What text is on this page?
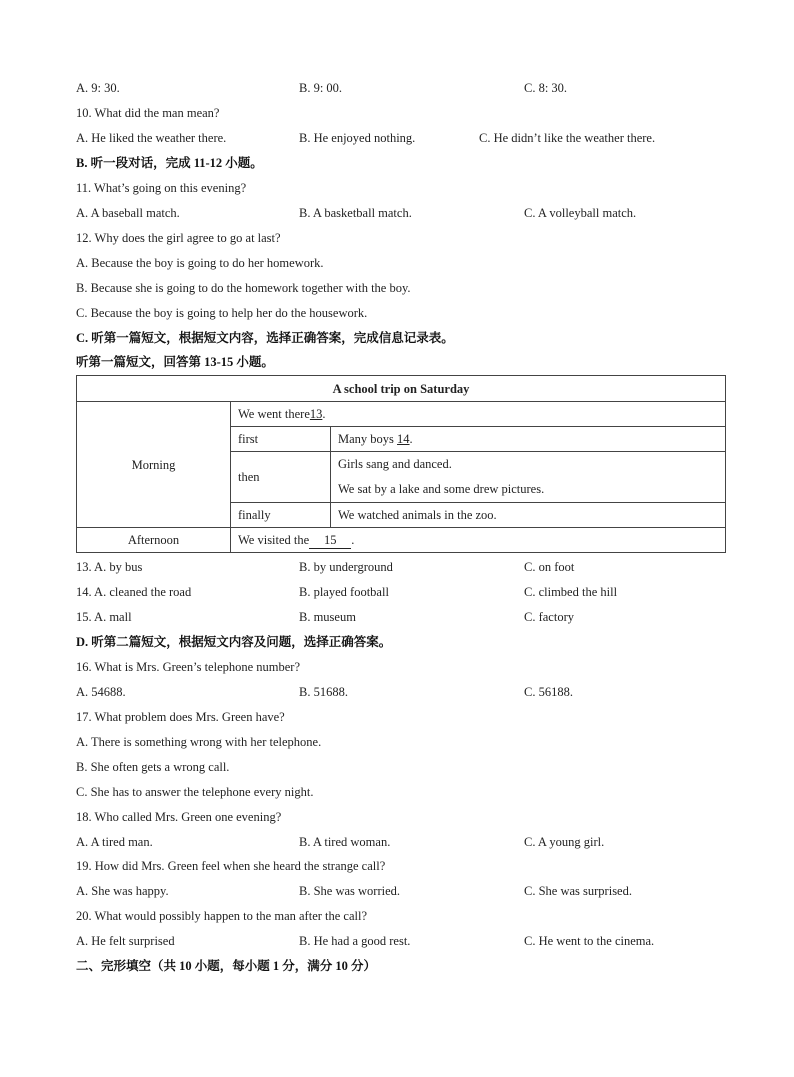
A. 9: 30.	B. 9: 00.	C. 8: 30.
10. What did the man mean?
A. He liked the weather there.	B. He enjoyed nothing.	C. He didn’t like the weather there.
B. 听一段对话，完成 11-12 小题。
11. What’s going on this evening?
A. A baseball match.	B. A basketball match.	C. A volleyball match.
12. Why does the girl agree to go at last?
A. Because the boy is going to do her homework.
B. Because she is going to do the homework together with the boy.
C. Because the boy is going to help her do the housework.
C. 听第一篇短文，根据短文内容，选择正确答案，完成信息记录表。
听第一篇短文，回答第 13-15 小题。
A school trip on Saturday		
Morning	We went there13.	
	first	Many boys 14.
	then	Girls sang and danced.
We sat by a lake and some drew pictures.

	finally	We watched animals in the zoo.
Afternoon	We visited the 15 .	
13. A. by bus	B. by underground	C. on foot
14. A. cleaned the road	B. played football	C. climbed the hill
15. A. mall	B. museum	C. factory
D. 听第二篇短文，根据短文内容及问题，选择正确答案。
16. What is Mrs. Green’s telephone number?
A. 54688.	B. 51688.	C. 56188.
17. What problem does Mrs. Green have?
A. There is something wrong with her telephone.
B. She often gets a wrong call.
C. She has to answer the telephone every night.
18. Who called Mrs. Green one evening?
A. A tired man.	B. A tired woman.	C. A young girl.
19. How did Mrs. Green feel when she heard the strange call?
A. She was happy.	B. She was worried.	C. She was surprised.
20. What would possibly happen to the man after the call?
A. He felt surprised	B. He had a good rest.	C. He went to the cinema.
二、完形填空（共 10 小题，每小题 1 分，满分 10 分）
